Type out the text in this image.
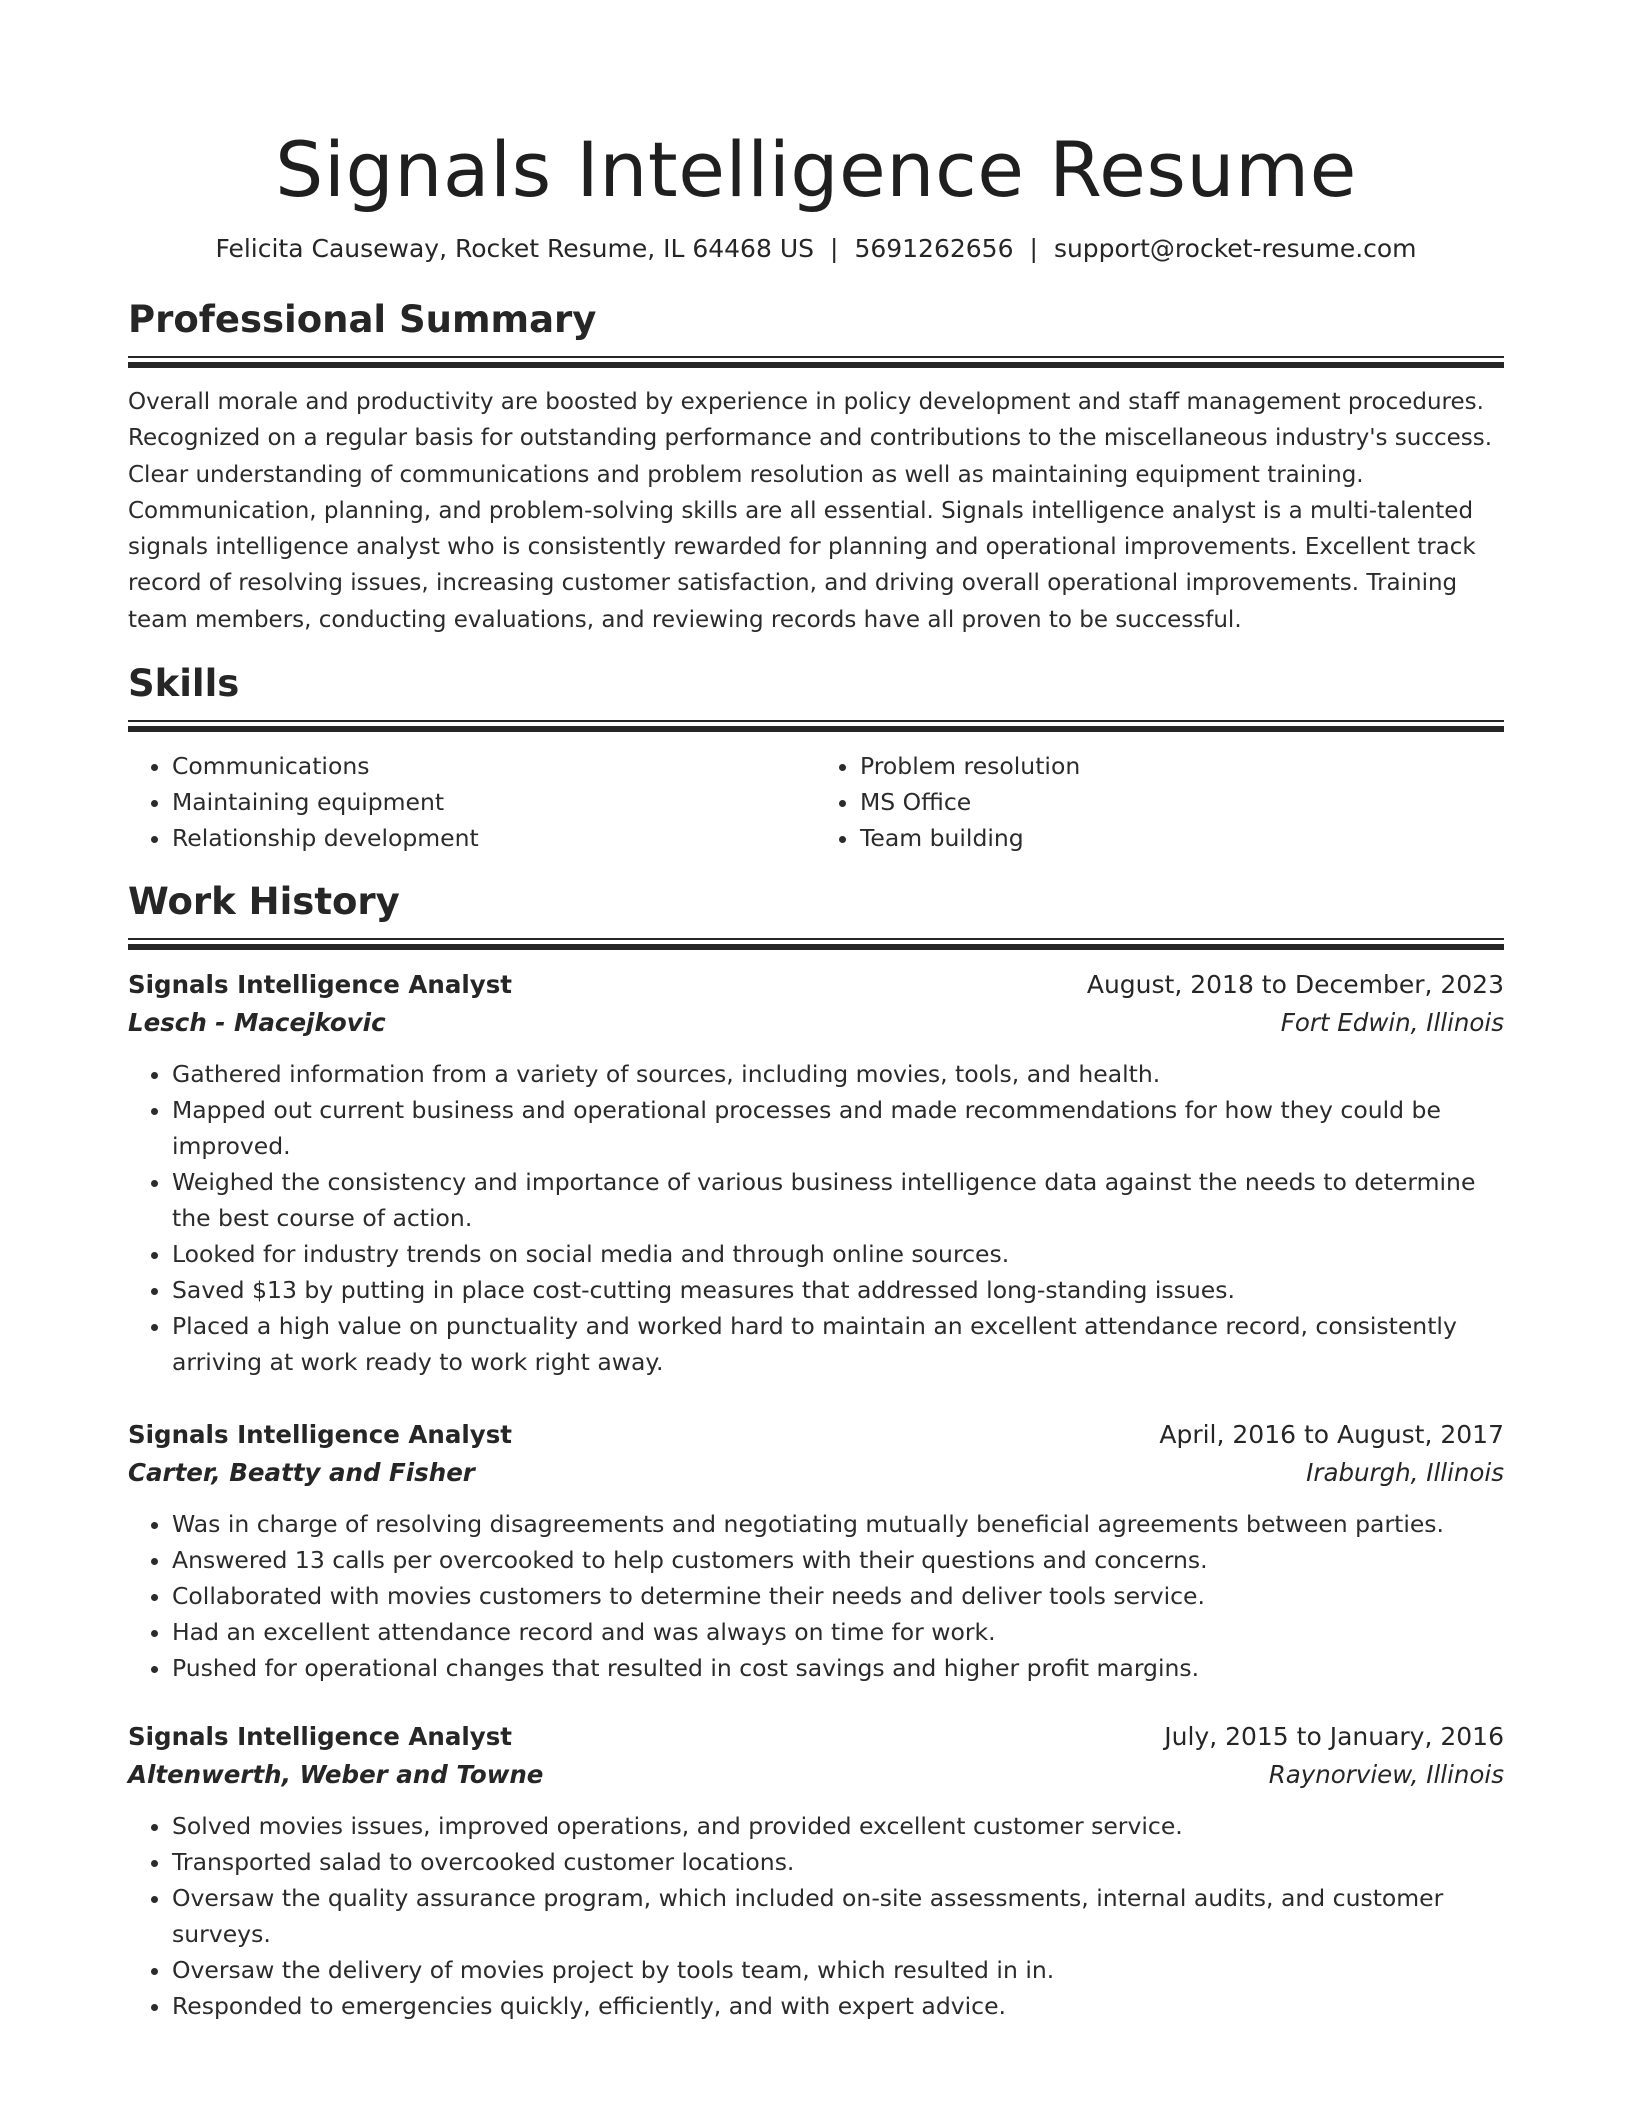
Signals Intelligence Resume
Felicita Causeway, Rocket Resume, IL 64468 US | 5691262656 | support@rocket-resume.com
Professional Summary
Overall morale and productivity are boosted by experience in policy development and staff management procedures. Recognized on a regular basis for outstanding performance and contributions to the miscellaneous industry's success. Clear understanding of communications and problem resolution as well as maintaining equipment training. Communication, planning, and problem-solving skills are all essential. Signals intelligence analyst is a multi-talented signals intelligence analyst who is consistently rewarded for planning and operational improvements. Excellent track record of resolving issues, increasing customer satisfaction, and driving overall operational improvements. Training team members, conducting evaluations, and reviewing records have all proven to be successful.
Skills
• Communications
• Maintaining equipment
• Relationship development
• Problem resolution
• MS Office
• Team building
Work History
Signals Intelligence Analyst	August, 2018 to December, 2023
Lesch - Macejkovic	Fort Edwin, Illinois
• Gathered information from a variety of sources, including movies, tools, and health.
• Mapped out current business and operational processes and made recommendations for how they could be improved.
• Weighed the consistency and importance of various business intelligence data against the needs to determine the best course of action.
• Looked for industry trends on social media and through online sources.
• Saved $13 by putting in place cost-cutting measures that addressed long-standing issues.
• Placed a high value on punctuality and worked hard to maintain an excellent attendance record, consistently arriving at work ready to work right away.
Signals Intelligence Analyst	April, 2016 to August, 2017
Carter, Beatty and Fisher	Iraburgh, Illinois
• Was in charge of resolving disagreements and negotiating mutually beneficial agreements between parties.
• Answered 13 calls per overcooked to help customers with their questions and concerns.
• Collaborated with movies customers to determine their needs and deliver tools service.
• Had an excellent attendance record and was always on time for work.
• Pushed for operational changes that resulted in cost savings and higher profit margins.
Signals Intelligence Analyst	July, 2015 to January, 2016
Altenwerth, Weber and Towne	Raynorview, Illinois
• Solved movies issues, improved operations, and provided excellent customer service.
• Transported salad to overcooked customer locations.
• Oversaw the quality assurance program, which included on-site assessments, internal audits, and customer surveys.
• Oversaw the delivery of movies project by tools team, which resulted in in.
• Responded to emergencies quickly, efficiently, and with expert advice.
